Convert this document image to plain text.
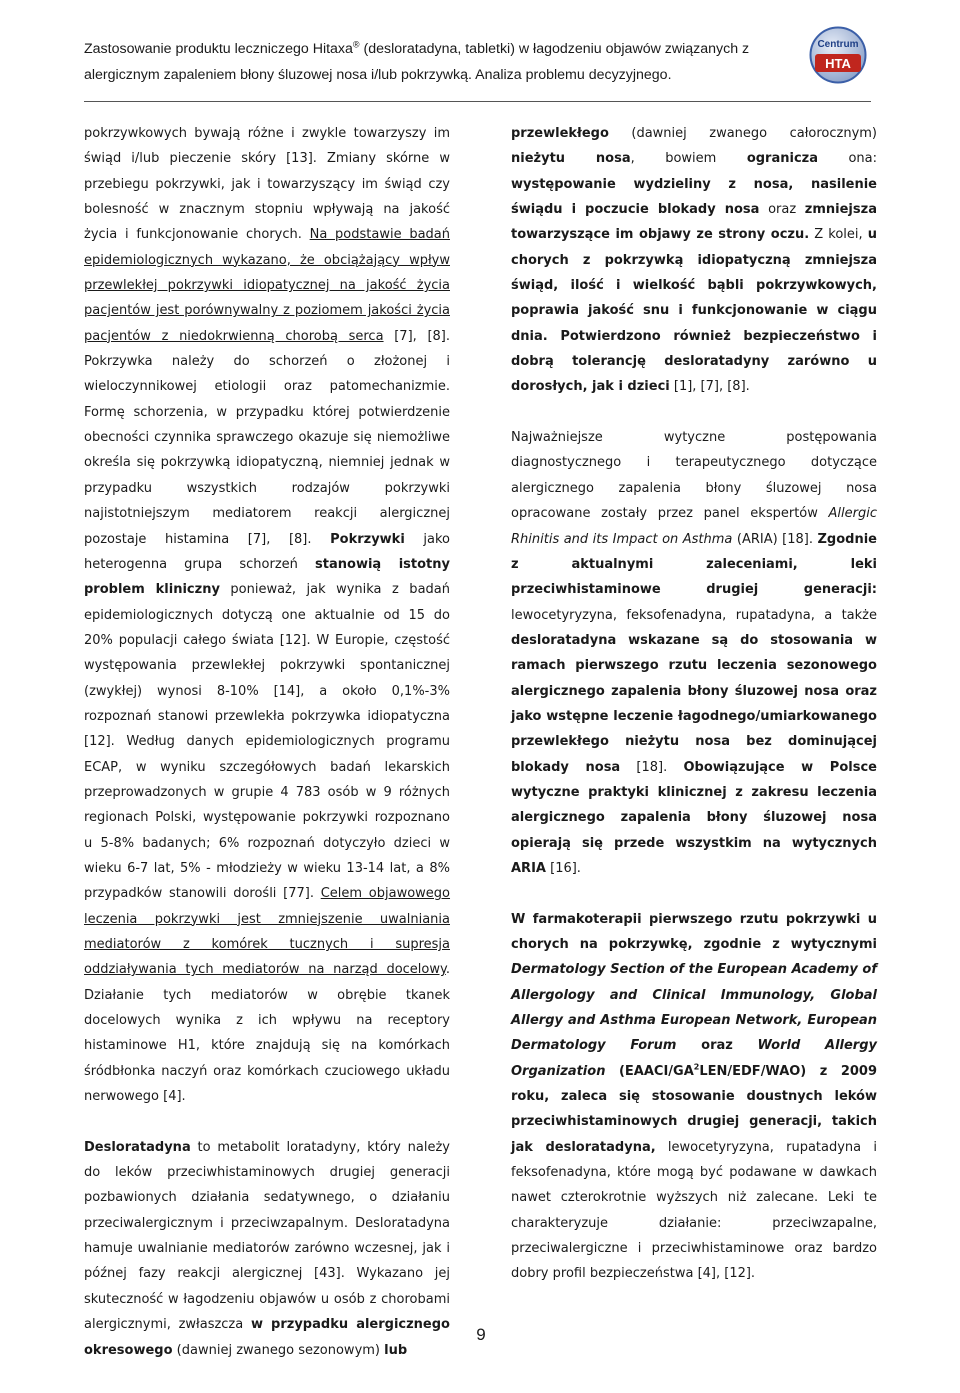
Zastosowanie produktu leczniczego Hitaxa® (desloratadyna, tabletki) w łagodzeniu objawów związanych z
alergicznym zapaleniem błony śluzowej nosa i/lub pokrzywką. Analiza problemu decyzyjnego.
Centrum
HTA

pokrzywkowych bywają różne i zwykle towarzyszy im świąd i/lub pieczenie skóry [13]. Zmiany skórne w przebiegu pokrzywki, jak i towarzyszący im świąd czy bolesność w znacznym stopniu wpływają na jakość życia i funkcjonowanie chorych. Na podstawie badań epidemiologicznych wykazano, że obciążający wpływ przewlekłej pokrzywki idiopatycznej na jakość życia pacjentów jest porównywalny z poziomem jakości życia pacjentów z niedokrwienną chorobą serca [7], [8]. Pokrzywka należy do schorzeń o złożonej i wieloczynnikowej etiologii oraz patomechanizmie. Formę schorzenia, w przypadku której potwierdzenie obecności czynnika sprawczego okazuje się niemożliwe określa się pokrzywką idiopatyczną, niemniej jednak w przypadku wszystkich rodzajów pokrzywki najistotniejszym mediatorem reakcji alergicznej pozostaje histamina [7], [8]. Pokrzywki jako heterogenna grupa schorzeń stanowią istotny problem kliniczny ponieważ, jak wynika z badań epidemiologicznych dotyczą one aktualnie od 15 do 20% populacji całego świata [12]. W Europie, częstość występowania przewlekłej pokrzywki spontanicznej (zwykłej) wynosi 8-10% [14], a około 0,1%-3% rozpoznań stanowi przewlekła pokrzywka idiopatyczna [12]. Według danych epidemiologicznych programu ECAP, w wyniku szczegółowych badań lekarskich przeprowadzonych w grupie 4 783 osób w 9 różnych regionach Polski, występowanie pokrzywki rozpoznano u 5-8% badanych; 6% rozpoznań dotyczyło dzieci w wieku 6-7 lat, 5% - młodzieży w wieku 13-14 lat, a 8% przypadków stanowili dorośli [77]. Celem objawowego leczenia pokrzywki jest zmniejszenie uwalniania mediatorów z komórek tucznych i supresja oddziaływania tych mediatorów na narząd docelowy. Działanie tych mediatorów w obrębie tkanek docelowych wynika z ich wpływu na receptory histaminowe H1, które znajdują się na komórkach śródbłonka naczyń oraz komórkach czuciowego układu nerwowego [4].

Desloratadyna to metabolit loratadyny, który należy do leków przeciwhistaminowych drugiej generacji pozbawionych działania sedatywnego, o działaniu przeciwalergicznym i przeciwzapalnym. Desloratadyna hamuje uwalnianie mediatorów zarówno wczesnej, jak i późnej fazy reakcji alergicznej [43]. Wykazano jej skuteczność w łagodzeniu objawów u osób z chorobami alergicznymi, zwłaszcza w przypadku alergicznego okresowego (dawniej zwanego sezonowym) lub

przewlekłego (dawniej zwanego całorocznym) nieżytu nosa, bowiem ogranicza ona: występowanie wydzieliny z nosa, nasilenie świądu i poczucie blokady nosa oraz zmniejsza towarzyszące im objawy ze strony oczu. Z kolei, u chorych z pokrzywką idiopatyczną zmniejsza świąd, ilość i wielkość bąbli pokrzywkowych, poprawia jakość snu i funkcjonowanie w ciągu dnia. Potwierdzono również bezpieczeństwo i dobrą tolerancję desloratadyny zarówno u dorosłych, jak i dzieci [1], [7], [8].

Najważniejsze wytyczne postępowania diagnostycznego i terapeutycznego dotyczące alergicznego zapalenia błony śluzowej nosa opracowane zostały przez panel ekspertów Allergic Rhinitis and its Impact on Asthma (ARIA) [18]. Zgodnie z aktualnymi zaleceniami, leki przeciwhistaminowe drugiej generacji: lewocetyryzyna, feksofenadyna, rupatadyna, a także desloratadyna wskazane są do stosowania w ramach pierwszego rzutu leczenia sezonowego alergicznego zapalenia błony śluzowej nosa oraz jako wstępne leczenie łagodnego/umiarkowanego przewlekłego nieżytu nosa bez dominującej blokady nosa [18]. Obowiązujące w Polsce wytyczne praktyki klinicznej z zakresu leczenia alergicznego zapalenia błony śluzowej nosa opierają się przede wszystkim na wytycznych ARIA [16].

W farmakoterapii pierwszego rzutu pokrzywki u chorych na pokrzywkę, zgodnie z wytycznymi Dermatology Section of the European Academy of Allergology and Clinical Immunology, Global Allergy and Asthma European Network, European Dermatology Forum oraz World Allergy Organization $(EAACI/GA^2LEN/EDF/WAO)$ z 2009 roku, zaleca się stosowanie doustnych leków przeciwhistaminowych drugiej generacji, takich jak desloratadyna, lewocetyryzyna, rupatadyna i feksofenadyna, które mogą być podawane w dawkach nawet czterokrotnie wyższych niż zalecane. Leki te charakteryzuje działanie: przeciwzapalne, przeciwalergiczne i przeciwhistaminowe oraz bardzo dobry profil bezpieczeństwa [4], [12].

9
